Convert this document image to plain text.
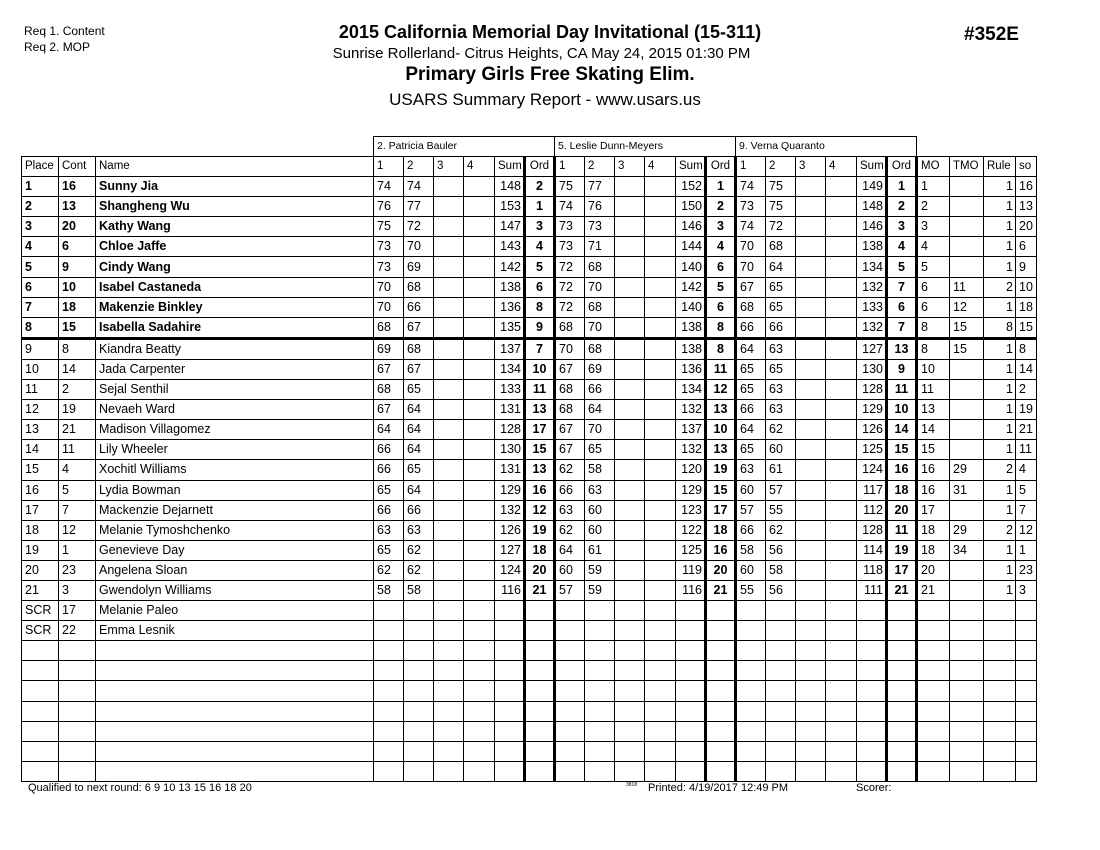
Req 1. Content
Req 2. MOP
2015 California Memorial Day Invitational (15-311)
Sunrise Rollerland- Citrus Heights, CA May 24, 2015 01:30 PM
Primary Girls Free Skating Elim.
USARS Summary Report - www.usars.us
#352E
			2. Patricia Bauler						5. Leslie Dunn-Meyers						9. Verna Quaranto									
Place	Cont	Name	1	2	3	4	Sum	Ord	1	2	3	4	Sum	Ord	1	2	3	4	Sum	Ord	MO	TMO	Rule	so
1	16	Sunny Jia	74	74			148	2	75	77			152	1	74	75			149	1	1		1	16
2	13	Shangheng Wu	76	77			153	1	74	76			150	2	73	75			148	2	2		1	13
3	20	Kathy Wang	75	72			147	3	73	73			146	3	74	72			146	3	3		1	20
4	6	Chloe Jaffe	73	70			143	4	73	71			144	4	70	68			138	4	4		1	6
5	9	Cindy Wang	73	69			142	5	72	68			140	6	70	64			134	5	5		1	9
6	10	Isabel Castaneda	70	68			138	6	72	70			142	5	67	65			132	7	6	11	2	10
7	18	Makenzie Binkley	70	66			136	8	72	68			140	6	68	65			133	6	6	12	1	18
8	15	Isabella Sadahire	68	67			135	9	68	70			138	8	66	66			132	7	8	15	8	15
9	8	Kiandra Beatty	69	68			137	7	70	68			138	8	64	63			127	13	8	15	1	8
10	14	Jada Carpenter	67	67			134	10	67	69			136	11	65	65			130	9	10		1	14
11	2	Sejal Senthil	68	65			133	11	68	66			134	12	65	63			128	11	11		1	2
12	19	Nevaeh Ward	67	64			131	13	68	64			132	13	66	63			129	10	13		1	19
13	21	Madison Villagomez	64	64			128	17	67	70			137	10	64	62			126	14	14		1	21
14	11	Lily Wheeler	66	64			130	15	67	65			132	13	65	60			125	15	15		1	11
15	4	Xochitl Williams	66	65			131	13	62	58			120	19	63	61			124	16	16	29	2	4
16	5	Lydia Bowman	65	64			129	16	66	63			129	15	60	57			117	18	16	31	1	5
17	7	Mackenzie Dejarnett	66	66			132	12	63	60			123	17	57	55			112	20	17		1	7
18	12	Melanie Tymoshchenko	63	63			126	19	62	60			122	18	66	62			128	11	18	29	2	12
19	1	Genevieve Day	65	62			127	18	64	61			125	16	58	56			114	19	18	34	1	1
20	23	Angelena Sloan	62	62			124	20	60	59			119	20	60	58			118	17	20		1	23
21	3	Gwendolyn Williams	58	58			116	21	57	59			116	21	55	56			111	21	21		1	3
SCR	17	Melanie Paleo																						
SCR	22	Emma Lesnik																						

Qualified to next round: 6 9 10 13 15 16 18 20	3818 Printed: 4/19/2017 12:49 PM	Scorer:
